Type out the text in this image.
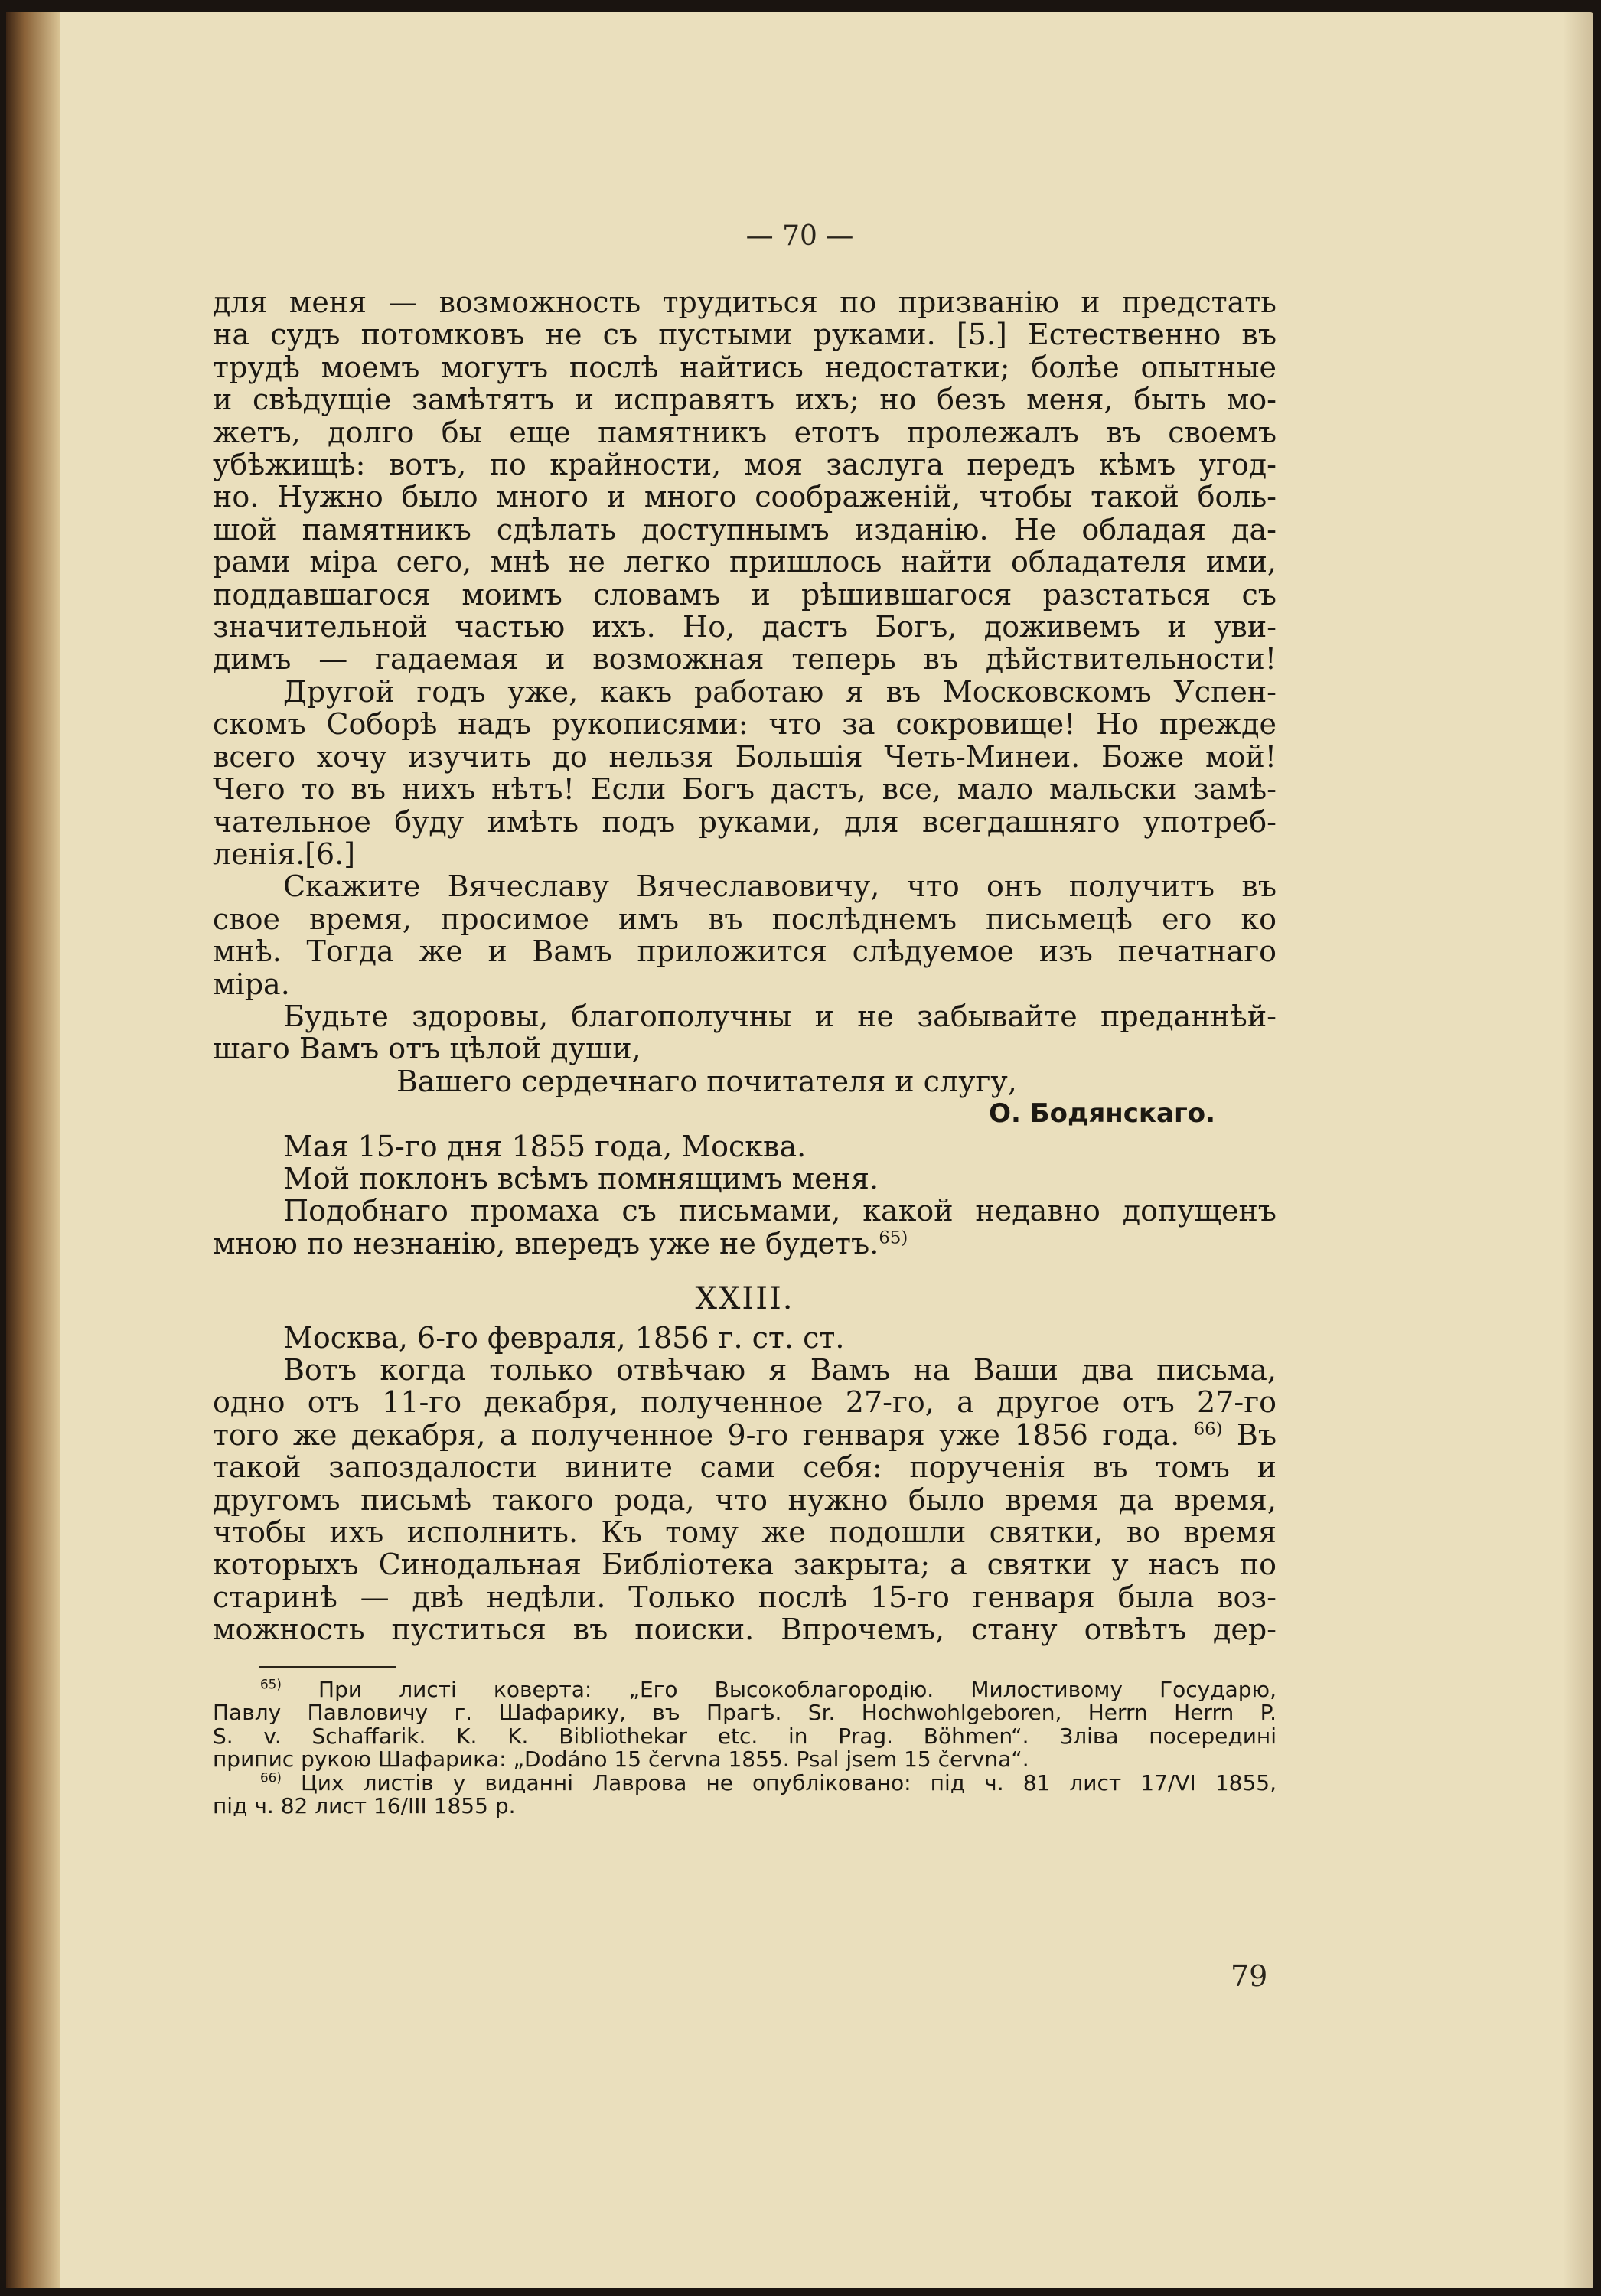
— 70 —

для меня — возможность трудиться по призванію и предстать

на судъ потомковъ не съ пустыми руками. [5.] Естественно въ

трудѣ моемъ могутъ послѣ найтись недостатки; болѣе опытные

и свѣдущіе замѣтятъ и исправятъ ихъ; но безъ меня, быть мо-

жетъ, долго бы еще памятникъ етотъ пролежалъ въ своемъ

убѣжищѣ: вотъ, по крайности, моя заслуга передъ кѣмъ угод-

но. Нужно было много и много соображеній, чтобы такой боль-

шой памятникъ сдѣлать доступнымъ изданію. Не обладая да-

рами міра сего, мнѣ не легко пришлось найти обладателя ими,

поддавшагося моимъ словамъ и рѣшившагося разстаться съ

значительной частью ихъ. Но, дастъ Богъ, доживемъ и уви-

димъ — гадаемая и возможная теперь въ дѣйствительности!

Другой годъ уже, какъ работаю я въ Московскомъ Успен-

скомъ Соборѣ надъ рукописями: что за сокровище! Но прежде

всего хочу изучить до нельзя Большія Четь-Минеи. Боже мой!

Чего то въ нихъ нѣтъ! Если Богъ дастъ, все, мало мальски замѣ-

чательное буду имѣть подъ руками, для всегдашняго употреб-

ленія.[6.]

Скажите Вячеславу Вячеславовичу, что онъ получитъ въ

свое время, просимое имъ въ послѣднемъ письмецѣ его ко

мнѣ. Тогда же и Вамъ приложится слѣдуемое изъ печатнаго

міра.

Будьте здоровы, благополучны и не забывайте преданнѣй-

шаго Вамъ отъ цѣлой души,

Вашего сердечнаго почитателя и слугу,

О. Бодянскаго.

Мая 15-го дня 1855 года, Москва.

Мой поклонъ всѣмъ помнящимъ меня.

Подобнаго промаха съ письмами, какой недавно допущенъ

мною по незнанію, впередъ уже не будетъ.$^{65)}$

XXIII.

Москва, 6-го февраля, 1856 г. ст. ст.

Вотъ когда только отвѣчаю я Вамъ на Ваши два письма,

одно отъ 11-го декабря, полученное 27-го, а другое отъ 27-го

того же декабря, а полученное 9-го генваря уже 1856 года. $^{66)}$ Въ

такой запоздалости вините сами себя: порученія въ томъ и

другомъ письмѣ такого рода, что нужно было время да время,

чтобы ихъ исполнить. Къ тому же подошли святки, во время

которыхъ Синодальная Библіотека закрыта; а святки у насъ по

старинѣ — двѣ недѣли. Только послѣ 15-го генваря была воз-

можность пуститься въ поиски. Впрочемъ, стану отвѣтъ дер-

$^{65)}$ При листі коверта: „Его Высокоблагородію. Милостивому Государю,

Павлу Павловичу г. Шафарику, въ Прагѣ. Sr. Hochwohlgeboren, Herrn Herrn P.

S. v. Schaffarik. K. K. Bibliothekar etc. in Prag. Böhmen“. Зліва посередині

припис рукою Шафарика: „Dodáno 15 června 1855. Psal jsem 15 června“.

$^{66)}$ Цих листів у виданні Лаврова не опубліковано: під ч. 81 лист 17/VI 1855,

під ч. 82 лист 16/III 1855 р.

79
